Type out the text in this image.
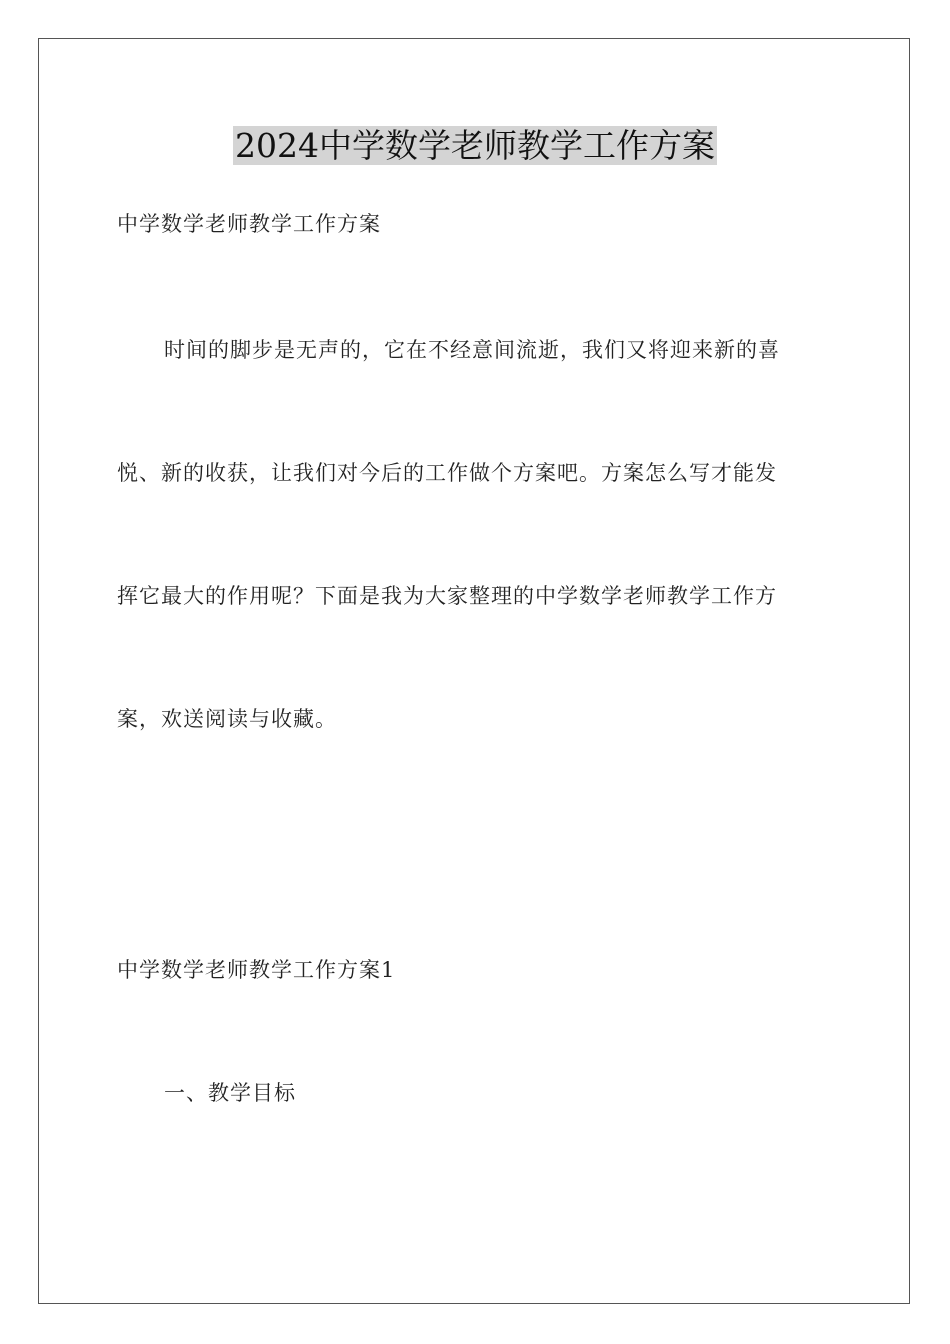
2024中学数学老师教学工作方案
中学数学老师教学工作方案
时间的脚步是无声的，它在不经意间流逝，我们又将迎来新的喜
悦、新的收获，让我们对今后的工作做个方案吧。方案怎么写才能发
挥它最大的作用呢？下面是我为大家整理的中学数学老师教学工作方
案，欢送阅读与收藏。
中学数学老师教学工作方案1
一、教学目标
